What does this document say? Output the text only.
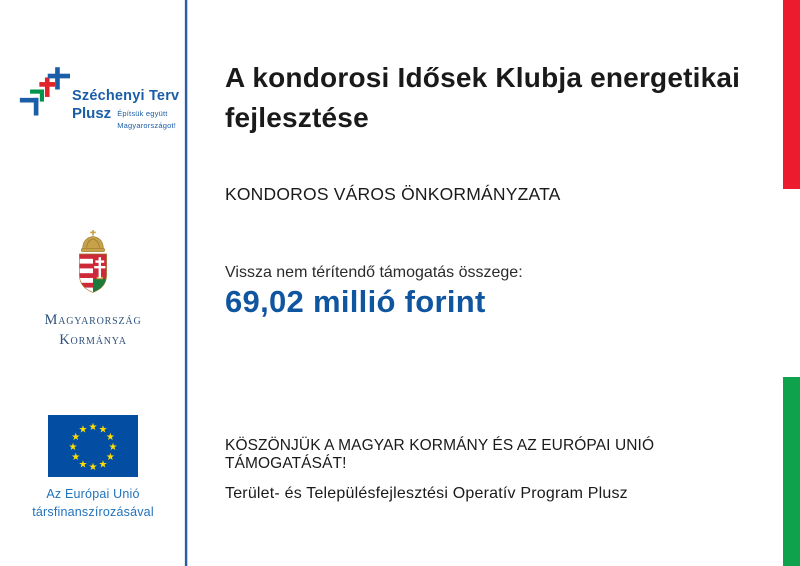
Széchenyi Terv
Plusz Építsük együtt
Magyarországot!
Magyarország
Kormánya
★ ★
★
★
★
★
★
★
★
★
★
★
Az Európai Unió
társfinanszírozásával
A kondorosi Idősek Klubja energetikai fejlesztése
KONDOROS VÁROS ÖNKORMÁNYZATA
Vissza nem térítendő támogatás összege:
69,02 millió forint
KÖSZÖNJÜK A MAGYAR KORMÁNY ÉS AZ EURÓPAI UNIÓ TÁMOGATÁSÁT!
Terület- és Településfejlesztési Operatív Program Plusz
